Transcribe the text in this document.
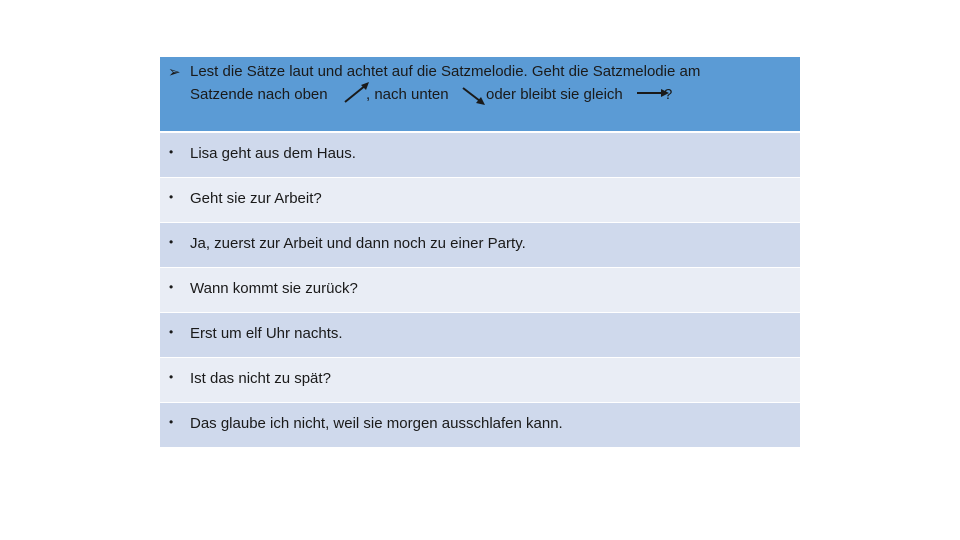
➢ Lest die Sätze laut und achtet auf die Satzmelodie. Geht die Satzmelodie am
Satzende nach oben	, nach unten oder bleibt sie gleich	?
• Lisa geht aus dem Haus.
• Geht sie zur Arbeit?
• Ja, zuerst zur Arbeit und dann noch zu einer Party.
• Wann kommt sie zurück?
• Erst um elf Uhr nachts.
• Ist das nicht zu spät?
• Das glaube ich nicht, weil sie morgen ausschlafen kann.
